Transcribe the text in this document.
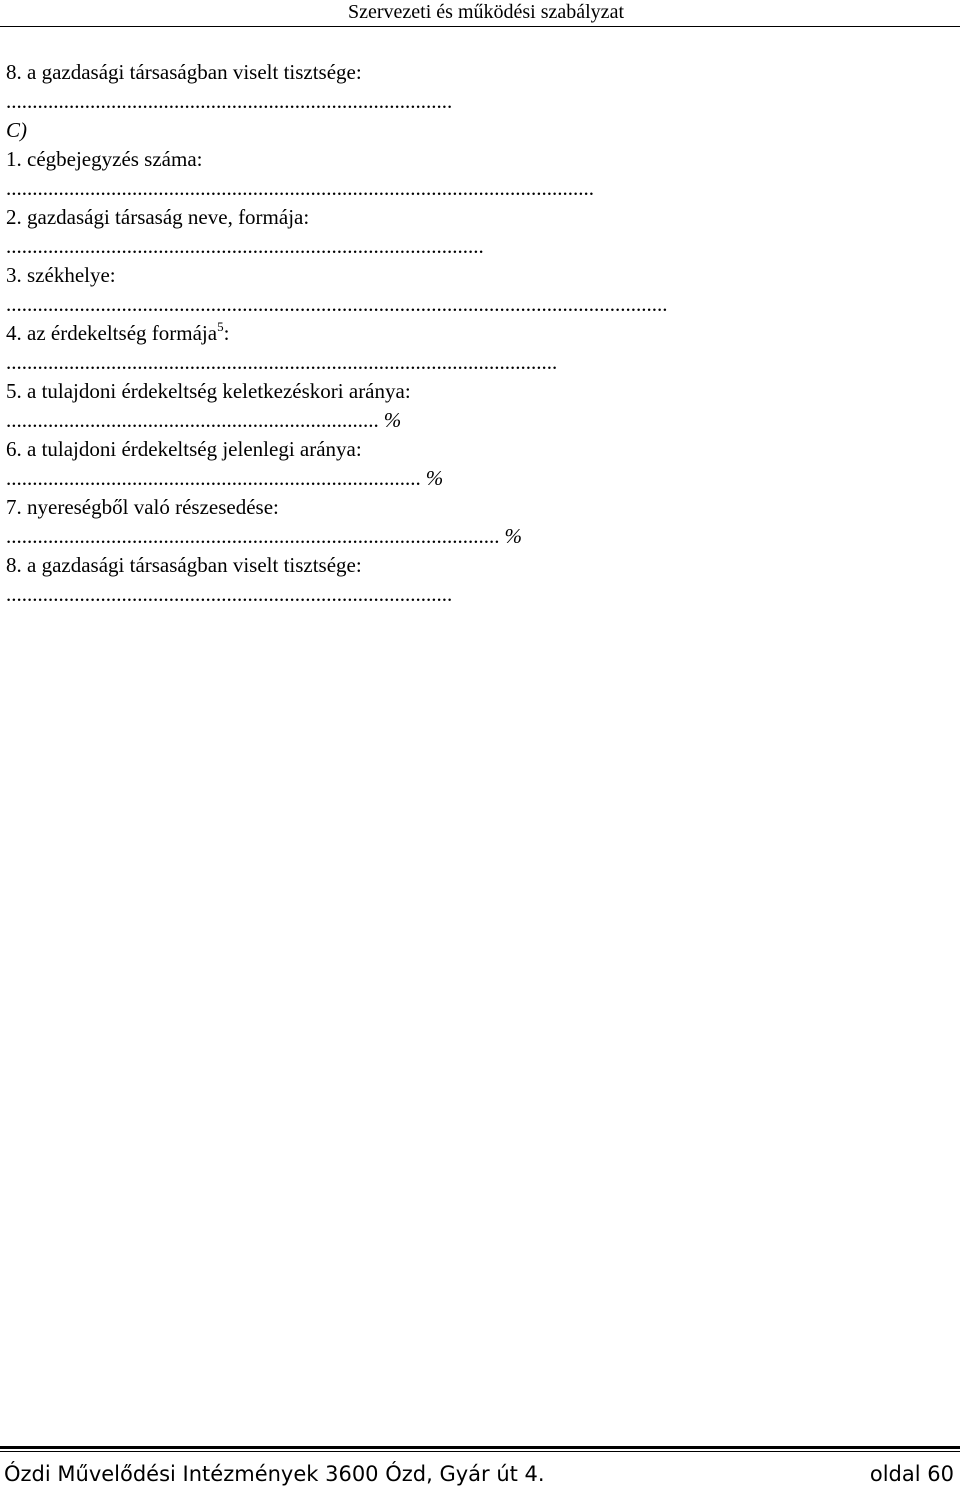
Szervezeti és működési szabályzat
8. a gazdasági társaságban viselt tisztsége:
.....................................................................................
C)
1. cégbejegyzés száma:
................................................................................................................
2. gazdasági társaság neve, formája:
...........................................................................................
3. székhelye:
..............................................................................................................................
4. az érdekeltség formája$^5$:
.........................................................................................................
5. a tulajdoni érdekeltség keletkezéskori aránya:
....................................................................... %
6. a tulajdoni érdekeltség jelenlegi aránya:
............................................................................... %
7. nyereségből való részesedése:
.............................................................................................. %
8. a gazdasági társaságban viselt tisztsége:
.....................................................................................
Ózdi Művelődési Intézmények 3600 Ózd, Gyár út 4.	oldal 60
